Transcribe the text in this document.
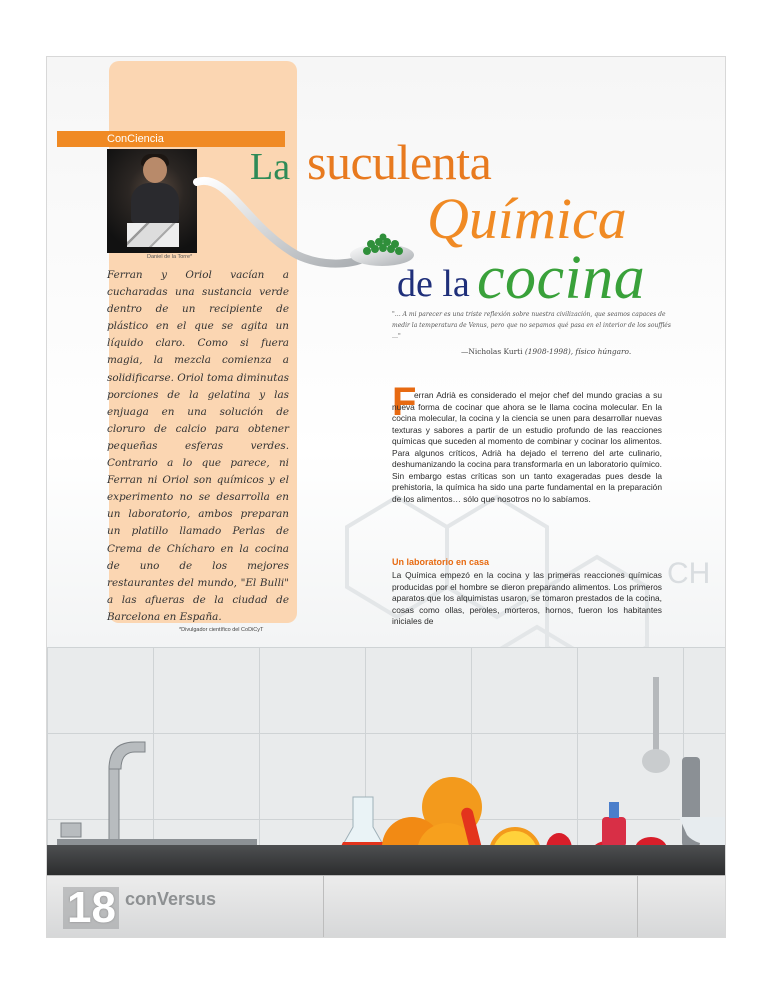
ConCiencia
Daniel de la Torre*

Ferran y Oriol vacían a cucharadas una sustancia verde dentro de un recipiente de plástico en el que se agita un líquido claro. Como si fuera magia, la mezcla comienza a solidificarse. Oriol toma diminutas porciones de la gelatina y las enjuaga en una solución de cloruro de calcio para obtener pequeñas esferas verdes. Contrario a lo que parece, ni Ferran ni Oriol son químicos y el experimento no se desarrolla en un laboratorio, ambos preparan un platillo llamado Perlas de Crema de Chícharo en la cocina de uno de los mejores restaurantes del mundo, "El Bulli" a las afueras de la ciudad de Barcelona en España.

*Divulgador científico del CoDiCyT
La suculenta
Química
de la cocina

"… A mi parecer es una triste reflexión sobre nuestra civilización, que seamos capaces de medir la temperatura de Venus, pero que no sepamos qué pasa en el interior de los soufflés …"

—Nicholas Kurti (1908-1998), físico húngaro.
F

erran Adrià es considerado el mejor chef del mundo gracias a su nueva forma de cocinar que ahora se le llama cocina molecular. En la cocina molecular, la cocina y la ciencia se unen para desarrollar nuevas texturas y sabores a partir de un estudio profundo de las reacciones químicas que suceden al momento de combinar y cocinar los alimentos. Para algunos críticos, Adrià ha dejado el terreno del arte culinario, deshumanizando la cocina para transformarla en un laboratorio químico. Sin embargo estas críticas son un tanto exageradas pues desde la prehistoria, la química ha sido una parte fundamental en la preparación de los alimentos… sólo que nosotros no lo sabíamos.

Un laboratorio en casa

La Química empezó en la cocina y las primeras reacciones químicas producidas por el hombre se dieron preparando alimentos. Los primeros aparatos que los alquimistas usaron, se tomaron prestados de la cocina, cosas como ollas, peroles, morteros, hornos, fueron los habitantes iniciales de

CH
18 conVersus
